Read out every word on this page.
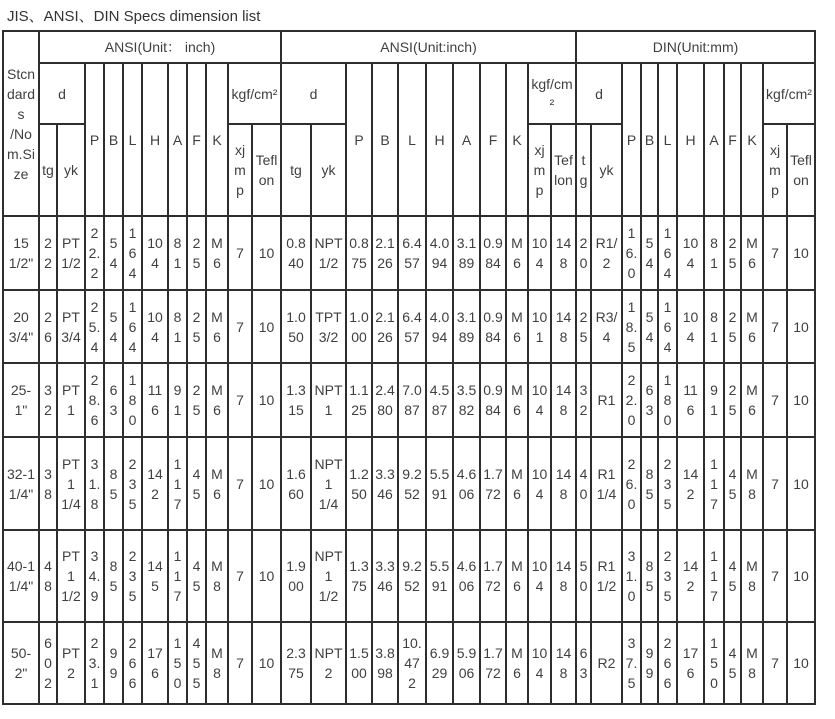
JIS、ANSI、DIN Specs dimension list
Stcndards /Nom.Size	ANSI(Unit： inch)											ANSI(Unit:inch)											DIN(Unit:mm)										
	d		P	B	L	H	A	F	K	kgf/cm²		d		P	B	L	H	A	F	K	kgf/cm²		d		P	B	L	H	A	F	K	kgf/cm²	
	tg	yk								xjmp	Teflon	tg	yk								xjmp	Teflon	tg	yk								xjmp	Teflon
15 1/2"	22	PT1/2	22.2	54	164	104	81	25	M6	7	10	0.840	NPT1/2	0.875	2.126	6.457	4.094	3.189	0.984	M6	104	148	20	R1/2	16.0	54	164	104	81	25	M6	7	10
20 3/4"	26	PT3/4	25.4	54	164	104	81	25	M6	7	10	1.050	TPT3/2	1.000	2.126	6.457	4.094	3.189	0.984	M6	101	148	25	R3/4	18.5	54	164	104	81	25	M6	7	10
25-1"	32	PT1	28.6	63	180	116	91	25	M6	7	10	1.315	NPT1	1.125	2.480	7.087	4.587	3.582	0.984	M6	104	148	32	R1	22.0	63	180	116	91	25	M6	7	10
32-1 1/4"	38	PT1 1/4	31.8	85	235	142	117	45	M6	7	10	1.660	NPT1 1/4	1.250	3.346	9.252	5.591	4.606	1.772	M6	104	148	40	R1 1/4	26.0	85	235	142	117	45	M8	7	10
40-1 1/4"	48	PT1 1/2	34.9	85	235	145	117	45	M8	7	10	1.900	NPT1 1/2	1.375	3.346	9.252	5.591	4.606	1.772	M6	104	148	50	R1 1/2	31.0	85	235	142	117	45	M8	7	10
50-2"	602	PT2	23.1	99	266	176	150	455	M8	7	10	2.375	NPT2	1.500	3.898	10.472	6.929	5.906	1.772	M6	104	148	63	R2	37.5	99	266	176	150	45	M8	7	10
